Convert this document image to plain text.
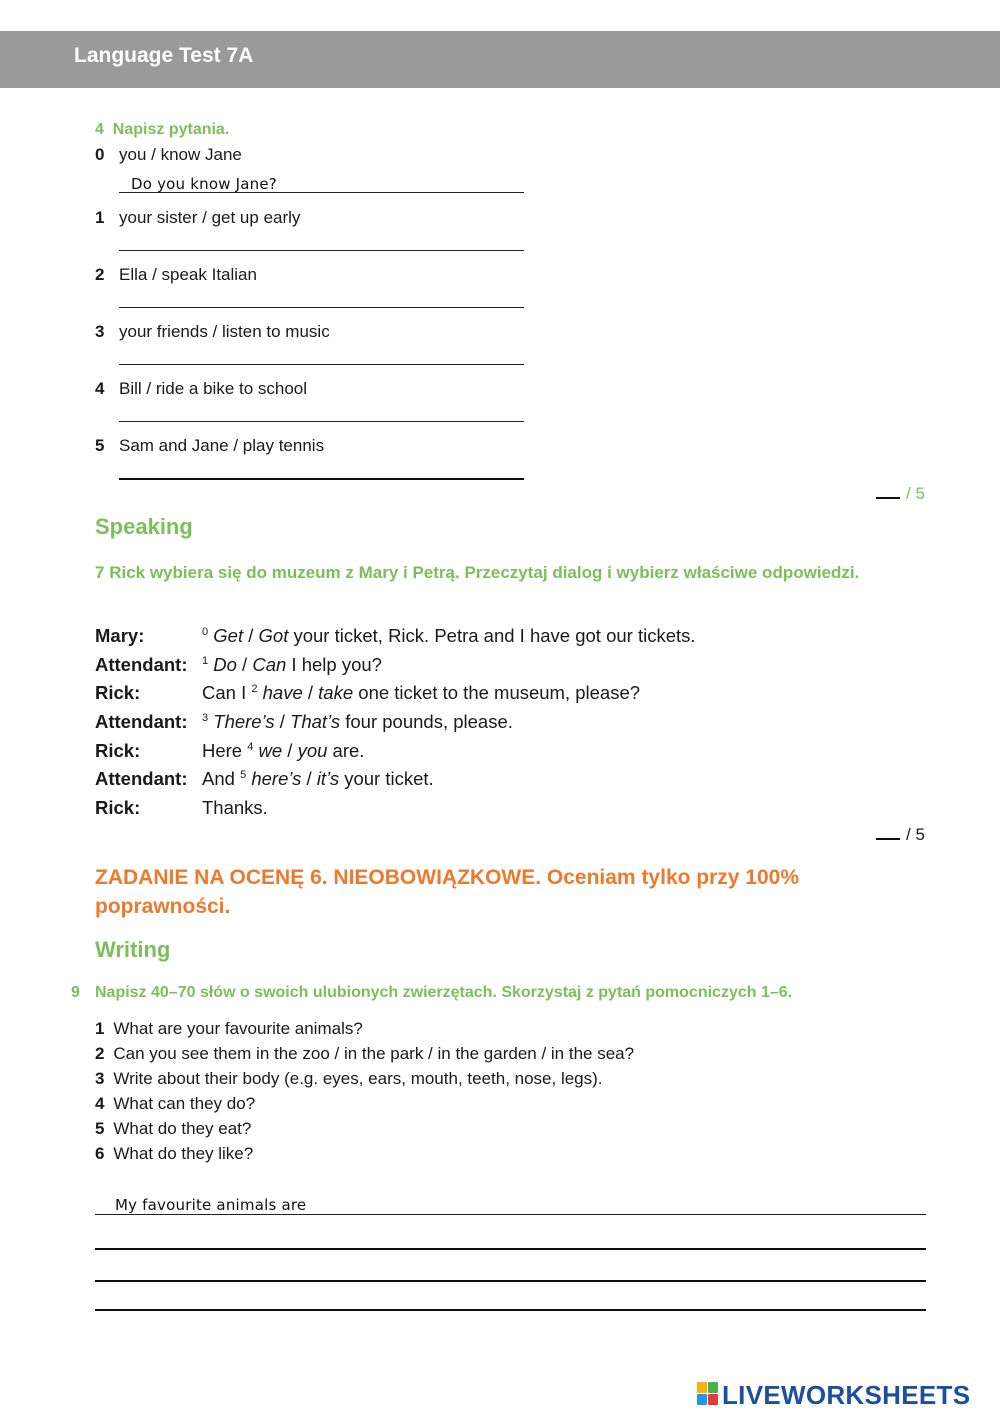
Language Test 7A
4 Napisz pytania.
0 you / know Jane
Do you know Jane?
1 your sister / get up early
2 Ella / speak Italian
3 your friends / listen to music
4 Bill / ride a bike to school
5 Sam and Jane / play tennis
/ 5
Speaking
7 Rick wybiera się do muzeum z Mary i Petrą. Przeczytaj dialog i wybierz właściwe odpowiedzi.
Mary:	$^0$ Get / Got your ticket, Rick. Petra and I have got our tickets.
Attendant: $^1$ Do / Can I help you?
Rick:	Can I $^2$ have / take one ticket to the museum, please?
Attendant: $^3$ There’s / That’s four pounds, please.
Rick:	Here $^4$ we / you are.
Attendant: And $^5$ here’s / it’s your ticket.
Rick:	Thanks.
/ 5
ZADANIE NA OCENĘ 6. NIEOBOWIĄZKOWE. Oceniam tylko przy 100% poprawności.
Writing
9 Napisz 40–70 słów o swoich ulubionych zwierzętach. Skorzystaj z pytań pomocniczych 1–6.
1 What are your favourite animals?
2 Can you see them in the zoo / in the park / in the garden / in the sea?
3 Write about their body (e.g. eyes, ears, mouth, teeth, nose, legs).
4 What can they do?
5 What do they eat?
6 What do they like?
My favourite animals are
LIVEWORKSHEETS
